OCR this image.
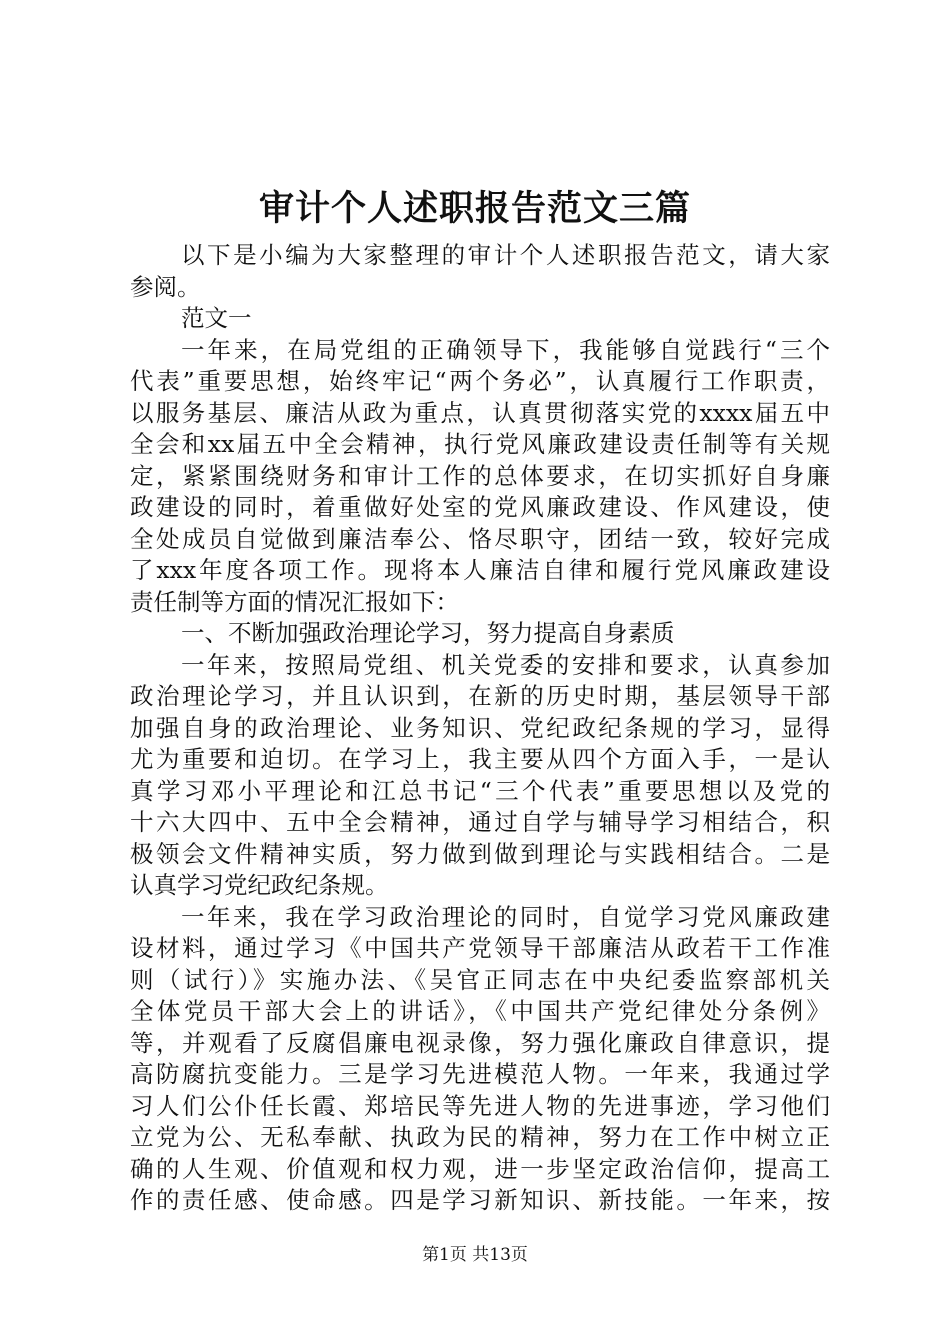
审计个人述职报告范文三篇
以下是小编为大家整理的审计个人述职报告范文，请大家
参阅。
范文一
一年来，在局党组的正确领导下，我能够自觉践行“三个
代表”重要思想，始终牢记“两个务必”，认真履行工作职责，
以服务基层、廉洁从政为重点，认真贯彻落实党的xxxx届五中
全会和xx届五中全会精神，执行党风廉政建设责任制等有关规
定，紧紧围绕财务和审计工作的总体要求，在切实抓好自身廉
政建设的同时，着重做好处室的党风廉政建设、作风建设，使
全处成员自觉做到廉洁奉公、恪尽职守，团结一致，较好完成
了xxx年度各项工作。现将本人廉洁自律和履行党风廉政建设
责任制等方面的情况汇报如下：
一、不断加强政治理论学习，努力提高自身素质
一年来，按照局党组、机关党委的安排和要求，认真参加
政治理论学习，并且认识到，在新的历史时期，基层领导干部
加强自身的政治理论、业务知识、党纪政纪条规的学习，显得
尤为重要和迫切。在学习上，我主要从四个方面入手，一是认
真学习邓小平理论和江总书记“三个代表”重要思想以及党的
十六大四中、五中全会精神，通过自学与辅导学习相结合，积
极领会文件精神实质，努力做到做到理论与实践相结合。二是
认真学习党纪政纪条规。
一年来，我在学习政治理论的同时，自觉学习党风廉政建
设材料，通过学习《中国共产党领导干部廉洁从政若干工作准
则（试行）》实施办法、《吴官正同志在中央纪委监察部机关
全体党员干部大会上的讲话》，《中国共产党纪律处分条例》
等，并观看了反腐倡廉电视录像，努力强化廉政自律意识，提
高防腐抗变能力。三是学习先进模范人物。一年来，我通过学
习人们公仆任长霞、郑培民等先进人物的先进事迹，学习他们
立党为公、无私奉献、执政为民的精神，努力在工作中树立正
确的人生观、价值观和权力观，进一步坚定政治信仰，提高工
作的责任感、使命感。四是学习新知识、新技能。一年来，按
第1页 共13页
